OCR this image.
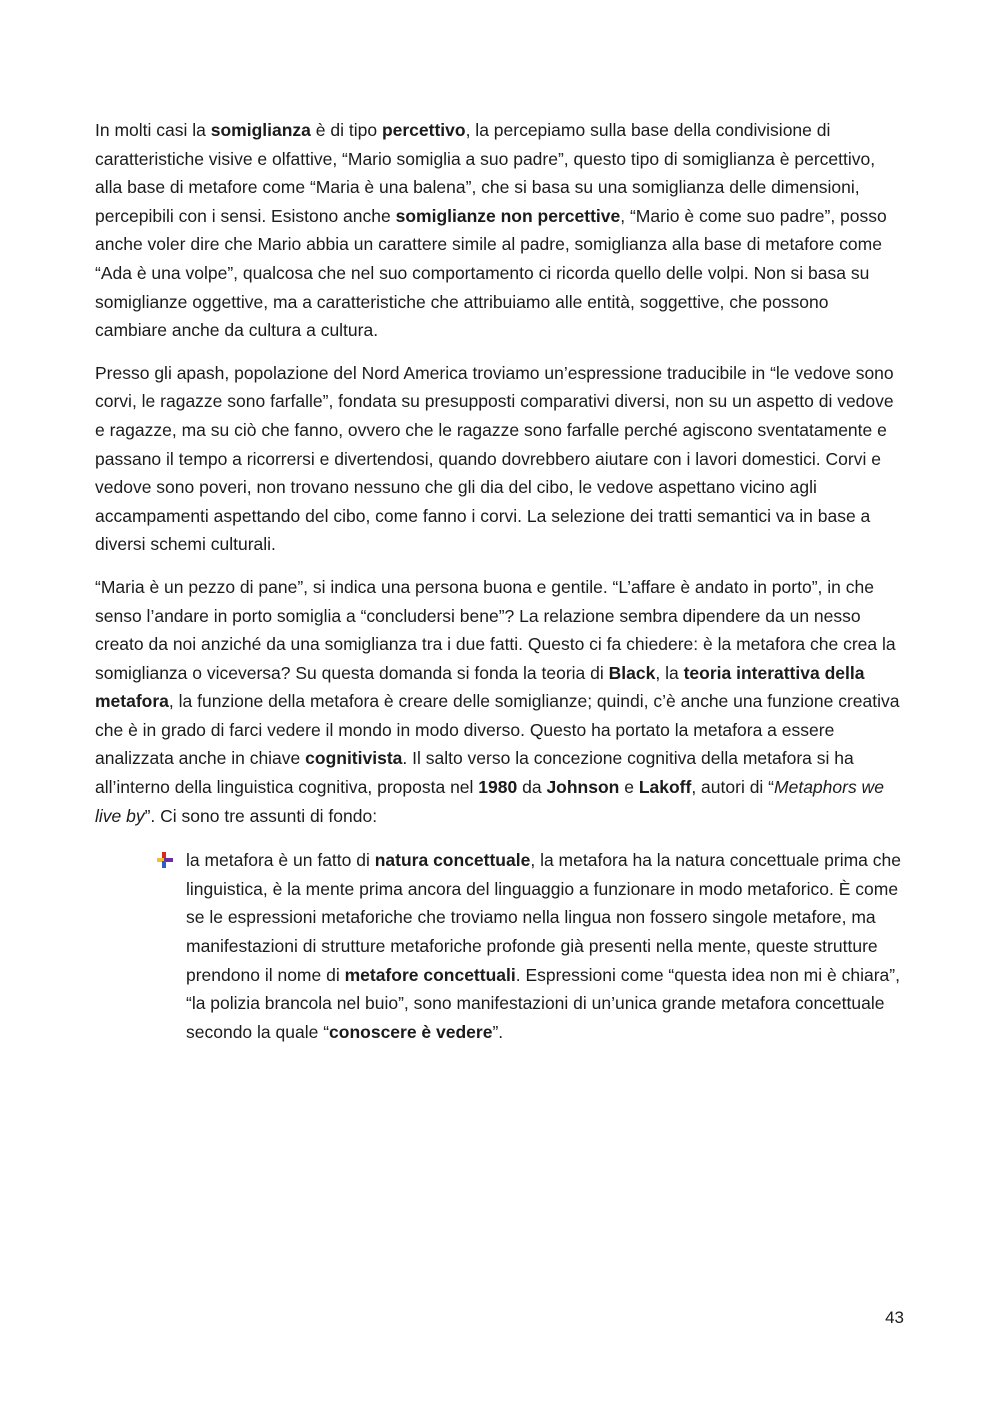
In molti casi la somiglianza è di tipo percettivo, la percepiamo sulla base della condivisione di caratteristiche visive e olfattive, “Mario somiglia a suo padre”, questo tipo di somiglianza è percettivo, alla base di metafore come “Maria è una balena”, che si basa su una somiglianza delle dimensioni, percepibili con i sensi. Esistono anche somiglianze non percettive, “Mario è come suo padre”, posso anche voler dire che Mario abbia un carattere simile al padre, somiglianza alla base di metafore come “Ada è una volpe”, qualcosa che nel suo comportamento ci ricorda quello delle volpi. Non si basa su somiglianze oggettive, ma a caratteristiche che attribuiamo alle entità, soggettive, che possono cambiare anche da cultura a cultura.

Presso gli apash, popolazione del Nord America troviamo un’espressione traducibile in “le vedove sono corvi, le ragazze sono farfalle”, fondata su presupposti comparativi diversi, non su un aspetto di vedove e ragazze, ma su ciò che fanno, ovvero che le ragazze sono farfalle perché agiscono sventatamente e passano il tempo a ricorrersi e divertendosi, quando dovrebbero aiutare con i lavori domestici. Corvi e vedove sono poveri, non trovano nessuno che gli dia del cibo, le vedove aspettano vicino agli accampamenti aspettando del cibo, come fanno i corvi. La selezione dei tratti semantici va in base a diversi schemi culturali.

“Maria è un pezzo di pane”, si indica una persona buona e gentile. “L’affare è andato in porto”, in che senso l’andare in porto somiglia a “concludersi bene”? La relazione sembra dipendere da un nesso creato da noi anziché da una somiglianza tra i due fatti. Questo ci fa chiedere: è la metafora che crea la somiglianza o viceversa? Su questa domanda si fonda la teoria di Black, la teoria interattiva della metafora, la funzione della metafora è creare delle somiglianze; quindi, c’è anche una funzione creativa che è in grado di farci vedere il mondo in modo diverso. Questo ha portato la metafora a essere analizzata anche in chiave cognitivista. Il salto verso la concezione cognitiva della metafora si ha all’interno della linguistica cognitiva, proposta nel 1980 da Johnson e Lakoff, autori di “Metaphors we live by”. Ci sono tre assunti di fondo:

la metafora è un fatto di natura concettuale, la metafora ha la natura concettuale prima che linguistica, è la mente prima ancora del linguaggio a funzionare in modo metaforico. È come se le espressioni metaforiche che troviamo nella lingua non fossero singole metafore, ma manifestazioni di strutture metaforiche profonde già presenti nella mente, queste strutture prendono il nome di metafore concettuali. Espressioni come “questa idea non mi è chiara”, “la polizia brancola nel buio”, sono manifestazioni di un’unica grande metafora concettuale secondo la quale “conoscere è vedere”.
43
